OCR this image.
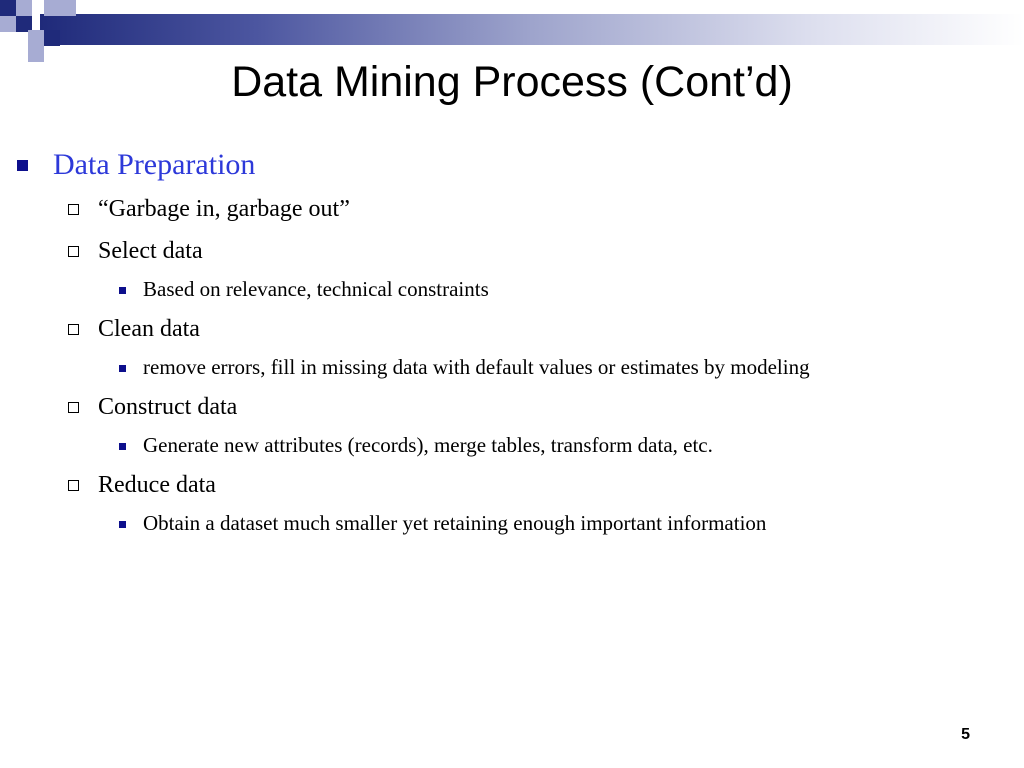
Data Mining Process (Cont’d)
Data Preparation
“Garbage in, garbage out”
Select data
Based on relevance, technical constraints
Clean data
remove errors, fill in missing data with default values or estimates by modeling
Construct data
Generate new attributes (records), merge tables, transform data, etc.
Reduce data
Obtain a dataset much smaller yet retaining enough important information
5
